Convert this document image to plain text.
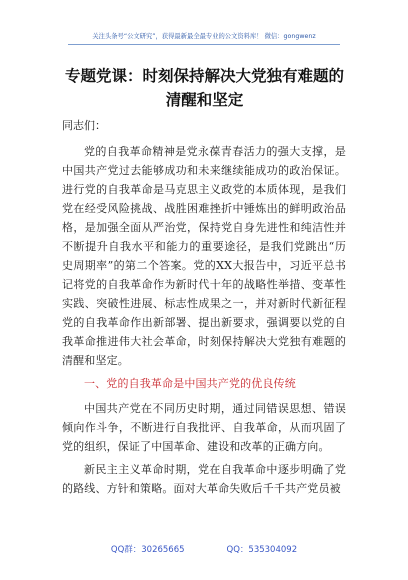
关注头条号“公文研究”，获得最新最全最专业的公文资料库！ 微信：gongwenz
专题党课：时刻保持解决大党独有难题的
清醒和坚定
同志们：

党的自我革命精神是党永葆青春活力的强大支撑，是中国共产党过去能够成功和未来继续能成功的政治保证。进行党的自我革命是马克思主义政党的本质体现，是我们党在经受风险挑战、战胜困难挫折中锤炼出的鲜明政治品格，是加强全面从严治党，保持党自身先进性和纯洁性并不断提升自我水平和能力的重要途径，是我们党跳出“历史周期率”的第二个答案。党的XX大报告中，习近平总书记将党的自我革命作为新时代十年的战略性举措、变革性实践、突破性进展、标志性成果之一，并对新时代新征程党的自我革命作出新部署、提出新要求，强调要以党的自我革命推进伟大社会革命，时刻保持解决大党独有难题的清醒和坚定。

一、党的自我革命是中国共产党的优良传统

中国共产党在不同历史时期，通过同错误思想、错误倾向作斗争，不断进行自我批评、自我革命，从而巩固了党的组织，保证了中国革命、建设和改革的正确方向。

新民主主义革命时期，党在自我革命中逐步明确了党的路线、方针和策略。面对大革命失败后千千共产党员被

QQ群：30265665	QQ：535304092
